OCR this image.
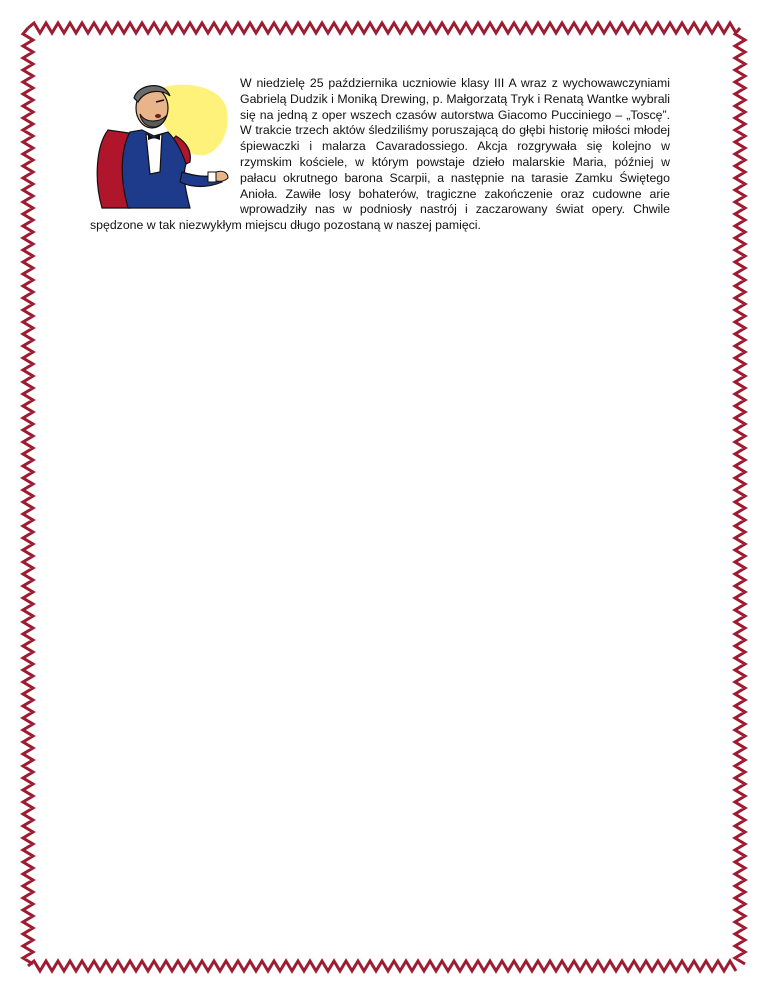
W niedzielę 25 października uczniowie klasy III A wraz z wychowawczyniami Gabrielą Dudzik i Moniką Drewing, p. Małgorzatą Tryk i Renatą Wantke wybrali się na jedną z oper wszech czasów autorstwa Giacomo Pucciniego – „Toscę”. W trakcie trzech aktów śledziliśmy poruszającą do głębi historię miłości młodej śpiewaczki i malarza Cavaradossiego. Akcja rozgrywała się kolejno w rzymskim kościele, w którym powstaje dzieło malarskie Maria, później w pałacu okrutnego barona Scarpii, a następnie na tarasie Zamku Świętego Anioła. Zawiłe losy bohaterów, tragiczne zakończenie oraz cudowne arie wprowadziły nas w podniosły nastrój i zaczarowany świat opery. Chwile spędzone w tak niezwykłym miejscu długo pozostaną w naszej pamięci.
